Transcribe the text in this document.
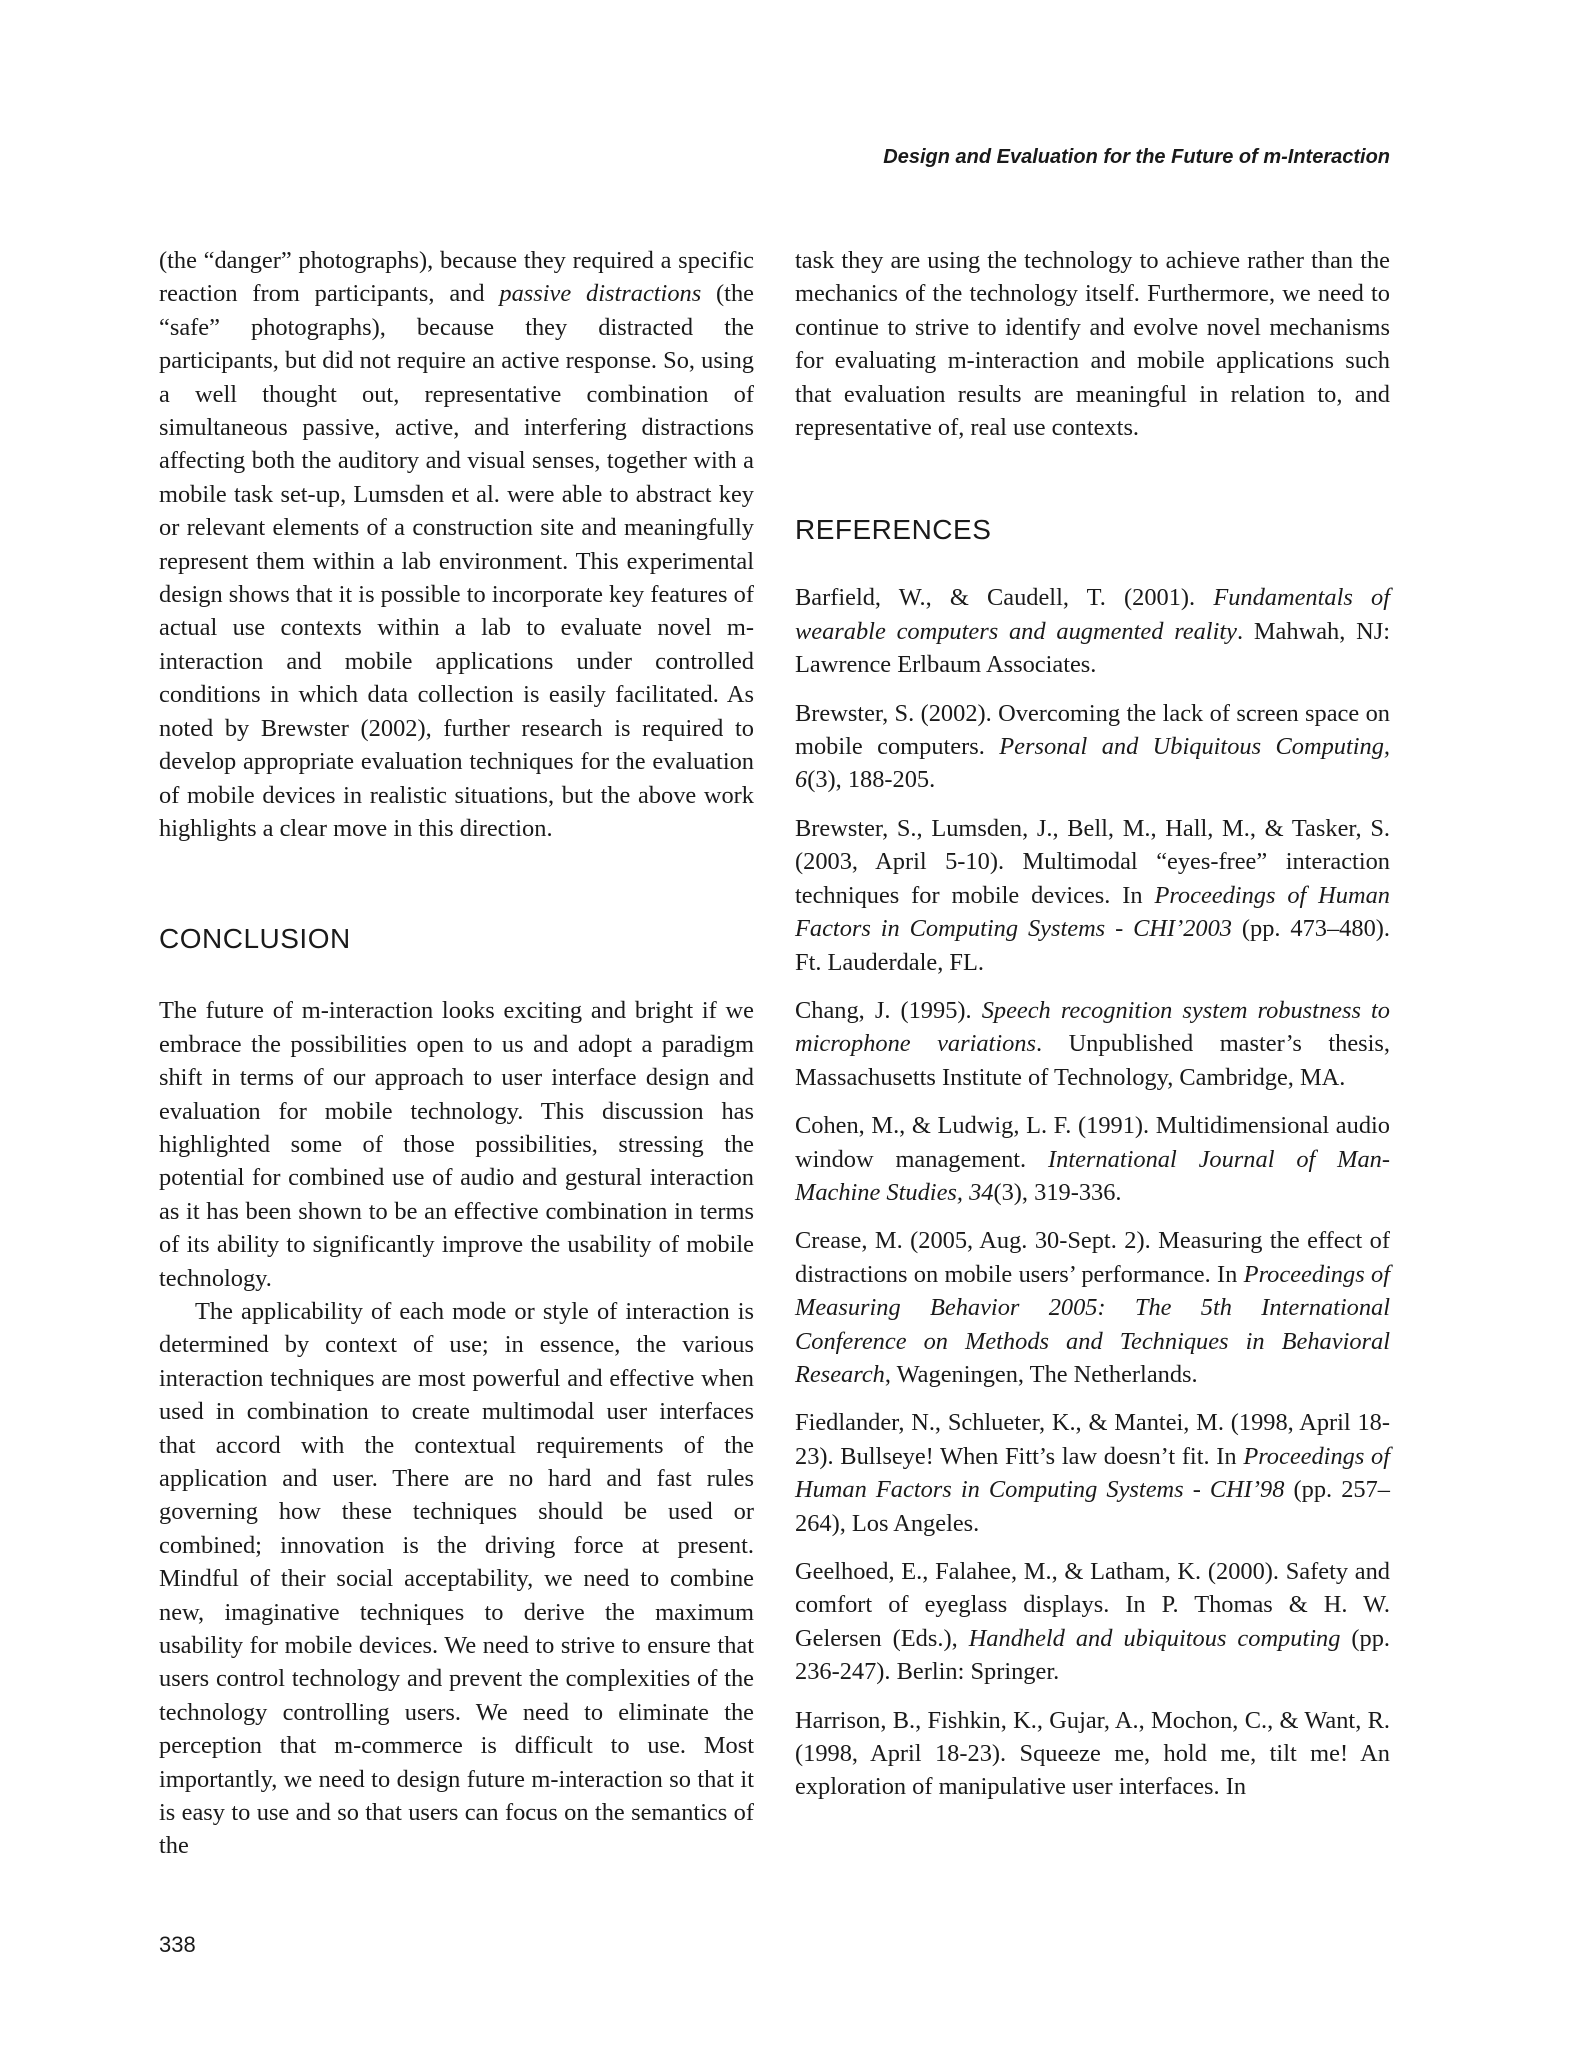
Design and Evaluation for the Future of m-Interaction

(the “danger” photographs), because they required a specific reaction from participants, and passive distractions (the “safe” photographs), because they distracted the participants, but did not require an active response. So, using a well thought out, representative combination of simultaneous passive, active, and interfering distractions affecting both the auditory and visual senses, together with a mobile task set-up, Lumsden et al. were able to abstract key or relevant elements of a construction site and meaningfully represent them within a lab environment. This experimental design shows that it is possible to incorporate key features of actual use contexts within a lab to evaluate novel m-interaction and mobile applications under controlled conditions in which data collection is easily facilitated. As noted by Brewster (2002), further research is required to develop appropriate evaluation techniques for the evaluation of mobile devices in realistic situations, but the above work highlights a clear move in this direction.

CONCLUSION

The future of m-interaction looks exciting and bright if we embrace the possibilities open to us and adopt a paradigm shift in terms of our approach to user interface design and evaluation for mobile technology. This discussion has highlighted some of those possibilities, stressing the potential for combined use of audio and gestural interaction as it has been shown to be an effective combination in terms of its ability to significantly improve the usability of mobile technology.

The applicability of each mode or style of interaction is determined by context of use; in essence, the various interaction techniques are most powerful and effective when used in combination to create multimodal user interfaces that accord with the contextual requirements of the application and user. There are no hard and fast rules governing how these techniques should be used or combined; innovation is the driving force at present. Mindful of their social acceptability, we need to combine new, imaginative techniques to derive the maximum usability for mobile devices. We need to strive to ensure that users control technology and prevent the complexities of the technology controlling users. We need to eliminate the perception that m-commerce is difficult to use. Most importantly, we need to design future m-interaction so that it is easy to use and so that users can focus on the semantics of the

task they are using the technology to achieve rather than the mechanics of the technology itself. Furthermore, we need to continue to strive to identify and evolve novel mechanisms for evaluating m-interaction and mobile applications such that evaluation results are meaningful in relation to, and representative of, real use contexts.

REFERENCES

Barfield, W., & Caudell, T. (2001). Fundamentals of wearable computers and augmented reality. Mahwah, NJ: Lawrence Erlbaum Associates.

Brewster, S. (2002). Overcoming the lack of screen space on mobile computers. Personal and Ubiquitous Computing, 6(3), 188-205.

Brewster, S., Lumsden, J., Bell, M., Hall, M., & Tasker, S. (2003, April 5-10). Multimodal “eyes-free” interaction techniques for mobile devices. In Proceedings of Human Factors in Computing Systems - CHI’2003 (pp. 473–480). Ft. Lauderdale, FL.

Chang, J. (1995). Speech recognition system robustness to microphone variations. Unpublished master’s thesis, Massachusetts Institute of Technology, Cambridge, MA.

Cohen, M., & Ludwig, L. F. (1991). Multidimensional audio window management. International Journal of Man-Machine Studies, 34(3), 319-336.

Crease, M. (2005, Aug. 30-Sept. 2). Measuring the effect of distractions on mobile users’ performance. In Proceedings of Measuring Behavior 2005: The 5th International Conference on Methods and Techniques in Behavioral Research, Wageningen, The Netherlands.

Fiedlander, N., Schlueter, K., & Mantei, M. (1998, April 18-23). Bullseye! When Fitt’s law doesn’t fit. In Proceedings of Human Factors in Computing Systems - CHI’98 (pp. 257–264), Los Angeles.

Geelhoed, E., Falahee, M., & Latham, K. (2000). Safety and comfort of eyeglass displays. In P. Thomas & H. W. Gelersen (Eds.), Handheld and ubiquitous computing (pp. 236-247). Berlin: Springer.

Harrison, B., Fishkin, K., Gujar, A., Mochon, C., & Want, R. (1998, April 18-23). Squeeze me, hold me, tilt me! An exploration of manipulative user interfaces. In

338
